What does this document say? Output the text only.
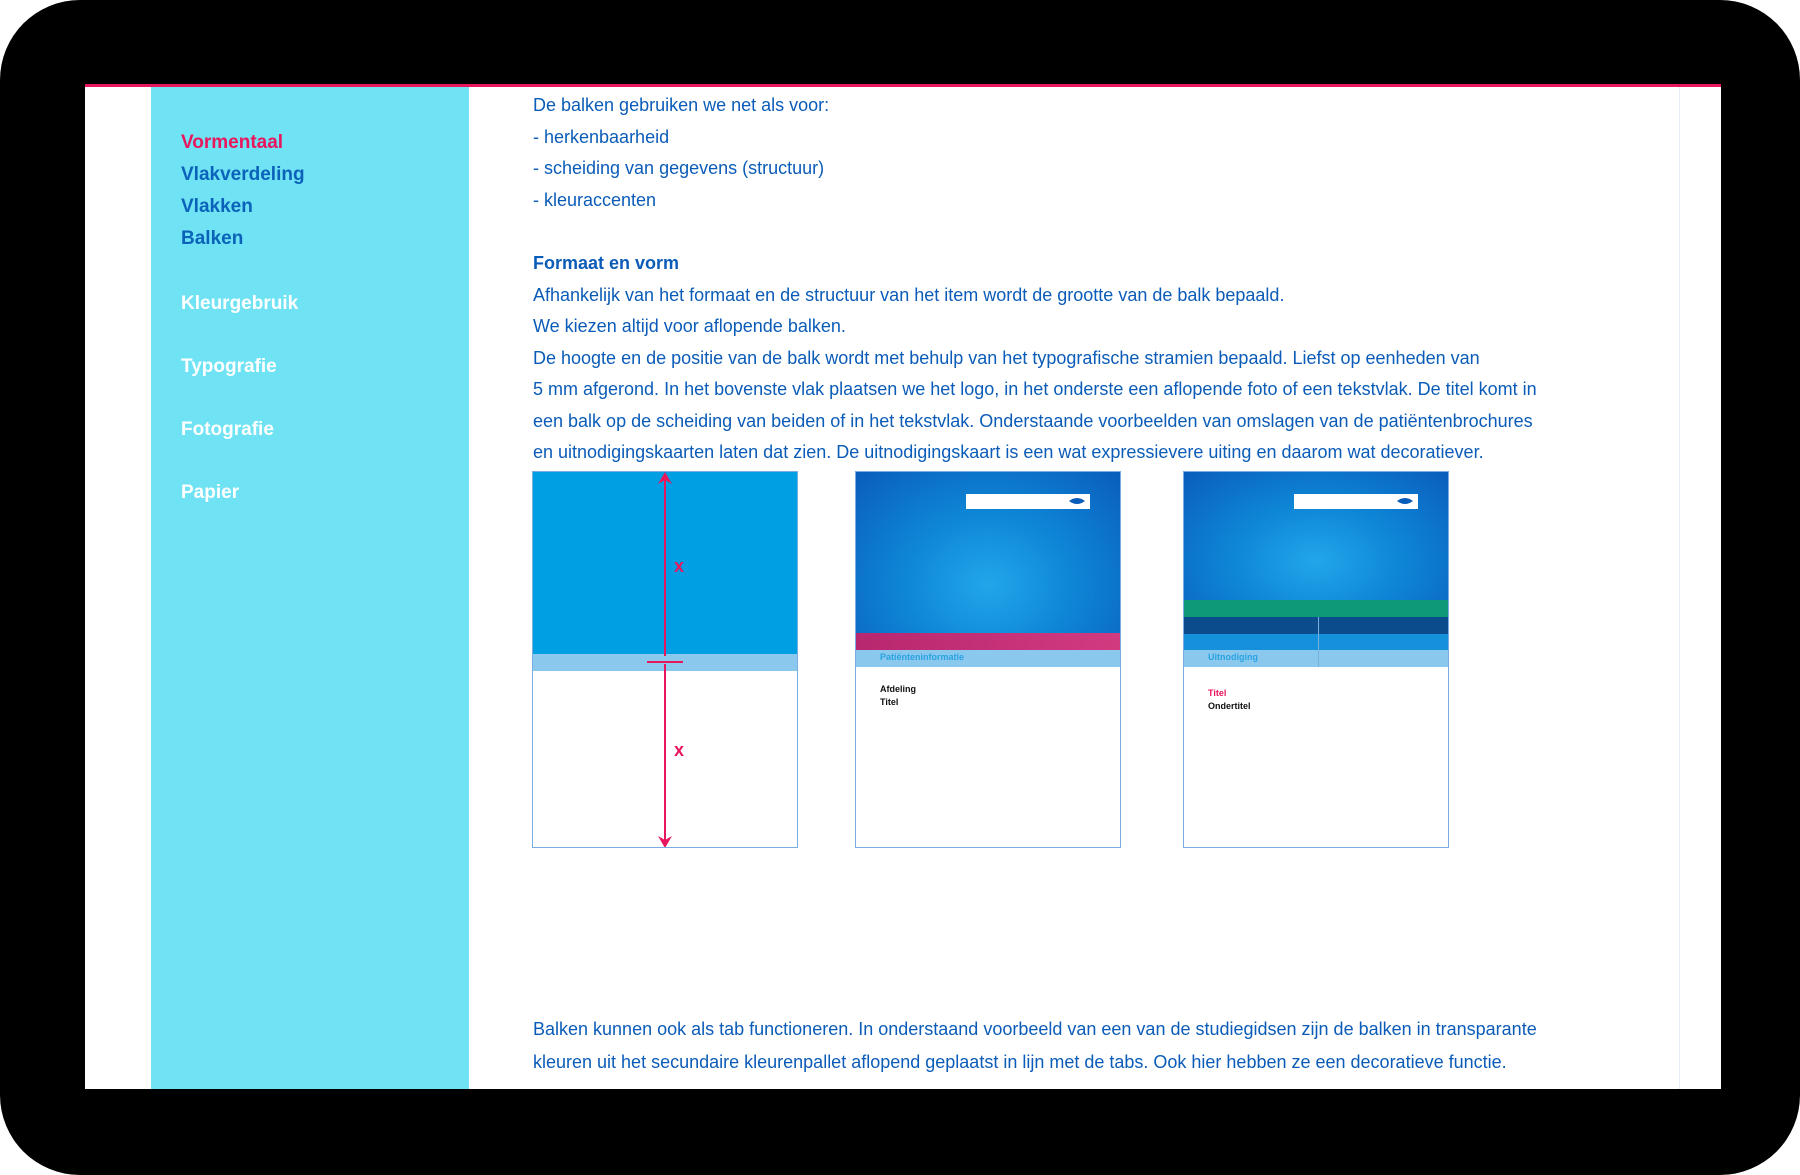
Vormentaal
Vlakverdeling
Vlakken
Balken
Kleurgebruik
Typografie
Fotografie
Papier
De balken gebruiken we net als voor:
- herkenbaarheid
- scheiding van gegevens (structuur)
- kleuraccenten
Formaat en vorm
Afhankelijk van het formaat en de structuur van het item wordt de grootte van de balk bepaald.
We kiezen altijd voor aflopende balken.
De hoogte en de positie van de balk wordt met behulp van het typografische stramien bepaald. Liefst op eenheden van
5 mm afgerond. In het bovenste vlak plaatsen we het logo, in het onderste een aflopende foto of een tekstvlak. De titel komt in
een balk op de scheiding van beiden of in het tekstvlak. Onderstaande voorbeelden van omslagen van de patiëntenbrochures
en uitnodigingskaarten laten dat zien. De uitnodigingskaart is een wat expressievere uiting en daarom wat decoratiever.
Balken kunnen ook als tab functioneren. In onderstaand voorbeeld van een van de studiegidsen zijn de balken in transparante
kleuren uit het secundaire kleurenpallet aflopend geplaatst in lijn met de tabs. Ook hier hebben ze een decoratieve functie.
x
x
Patiënteninformatie
Afdeling
Titel
Uitnodiging
Titel
Ondertitel
